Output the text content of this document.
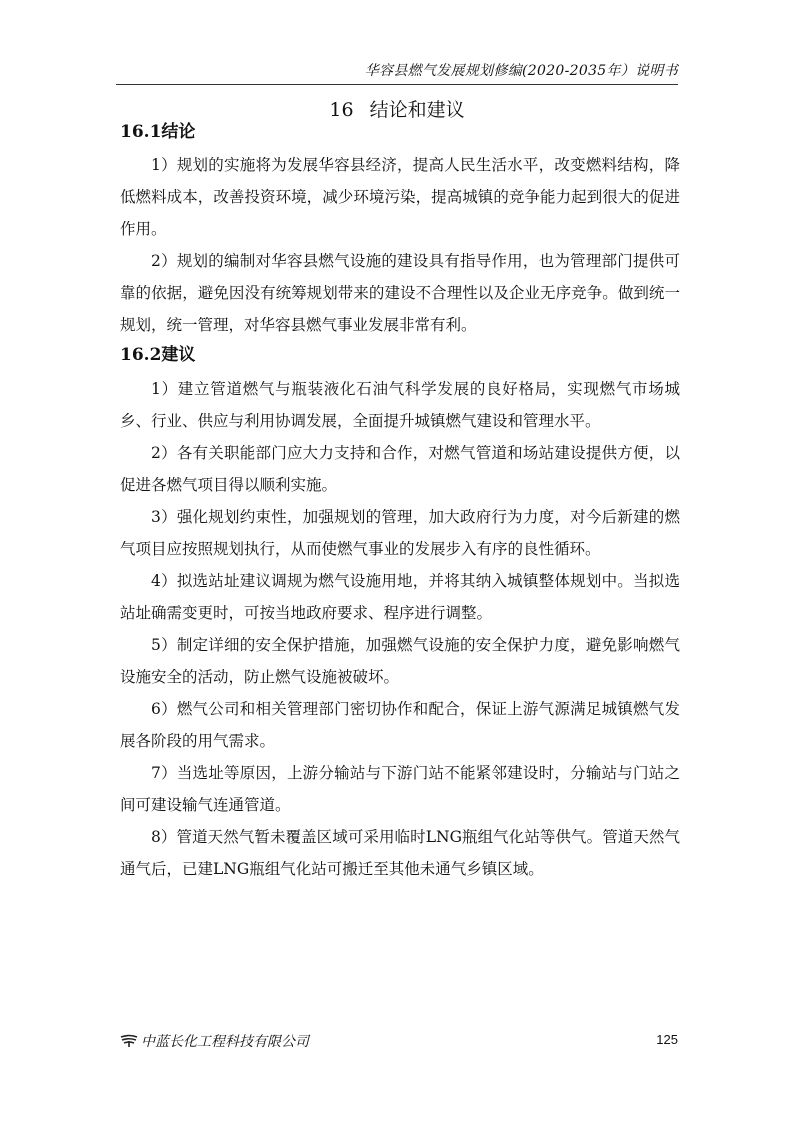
华容县燃气发展规划修编(2020-2035年）说明书
16 结论和建议
16.1结论

1）规划的实施将为发展华容县经济，提高人民生活水平，改变燃料结构，降低燃料成本，改善投资环境，减少环境污染，提高城镇的竞争能力起到很大的促进作用。

2）规划的编制对华容县燃气设施的建设具有指导作用，也为管理部门提供可靠的依据，避免因没有统筹规划带来的建设不合理性以及企业无序竞争。做到统一规划，统一管理，对华容县燃气事业发展非常有利。

16.2建议

1）建立管道燃气与瓶装液化石油气科学发展的良好格局，实现燃气市场城乡、行业、供应与利用协调发展，全面提升城镇燃气建设和管理水平。

2）各有关职能部门应大力支持和合作，对燃气管道和场站建设提供方便，以促进各燃气项目得以顺利实施。

3）强化规划约束性，加强规划的管理，加大政府行为力度，对今后新建的燃气项目应按照规划执行，从而使燃气事业的发展步入有序的良性循环。

4）拟选站址建议调规为燃气设施用地，并将其纳入城镇整体规划中。当拟选站址确需变更时，可按当地政府要求、程序进行调整。

5）制定详细的安全保护措施，加强燃气设施的安全保护力度，避免影响燃气设施安全的活动，防止燃气设施被破坏。

6）燃气公司和相关管理部门密切协作和配合，保证上游气源满足城镇燃气发展各阶段的用气需求。

7）当选址等原因，上游分输站与下游门站不能紧邻建设时，分输站与门站之间可建设输气连通管道。

8）管道天然气暂未覆盖区域可采用临时LNG瓶组气化站等供气。管道天然气通气后，已建LNG瓶组气化站可搬迁至其他未通气乡镇区域。

中蓝长化工程科技有限公司	125
